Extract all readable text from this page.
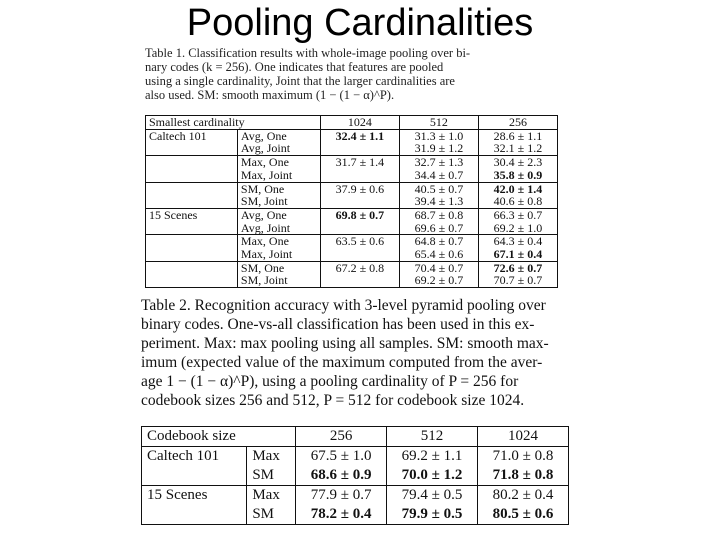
Pooling Cardinalities
Table 1. Classification results with whole-image pooling over bi-
nary codes (k = 256). One indicates that features are pooled
using a single cardinality, Joint that the larger cardinalities are
also used. SM: smooth maximum (1 − (1 − α)^P).
Smallest cardinality		1024	512	256
Caltech 101	Avg, One	32.4 ± 1.1	31.3 ± 1.0	28.6 ± 1.1
	Avg, Joint		31.9 ± 1.2	32.1 ± 1.2
	Max, One	31.7 ± 1.4	32.7 ± 1.3	30.4 ± 2.3
	Max, Joint		34.4 ± 0.7	35.8 ± 0.9
	SM, One	37.9 ± 0.6	40.5 ± 0.7	42.0 ± 1.4
	SM, Joint		39.4 ± 1.3	40.6 ± 0.8
15 Scenes	Avg, One	69.8 ± 0.7	68.7 ± 0.8	66.3 ± 0.7
	Avg, Joint		69.6 ± 0.7	69.2 ± 1.0
	Max, One	63.5 ± 0.6	64.8 ± 0.7	64.3 ± 0.4
	Max, Joint		65.4 ± 0.6	67.1 ± 0.4
	SM, One	67.2 ± 0.8	70.4 ± 0.7	72.6 ± 0.7
	SM, Joint		69.2 ± 0.7	70.7 ± 0.7
Table 2. Recognition accuracy with 3-level pyramid pooling over
binary codes. One-vs-all classification has been used in this ex-
periment. Max: max pooling using all samples. SM: smooth max-
imum (expected value of the maximum computed from the aver-
age 1 − (1 − α)^P), using a pooling cardinality of P = 256 for
codebook sizes 256 and 512, P = 512 for codebook size 1024.
Codebook size		256	512	1024
Caltech 101	Max	67.5 ± 1.0	69.2 ± 1.1	71.0 ± 0.8
	SM	68.6 ± 0.9	70.0 ± 1.2	71.8 ± 0.8
15 Scenes	Max	77.9 ± 0.7	79.4 ± 0.5	80.2 ± 0.4
	SM	78.2 ± 0.4	79.9 ± 0.5	80.5 ± 0.6
